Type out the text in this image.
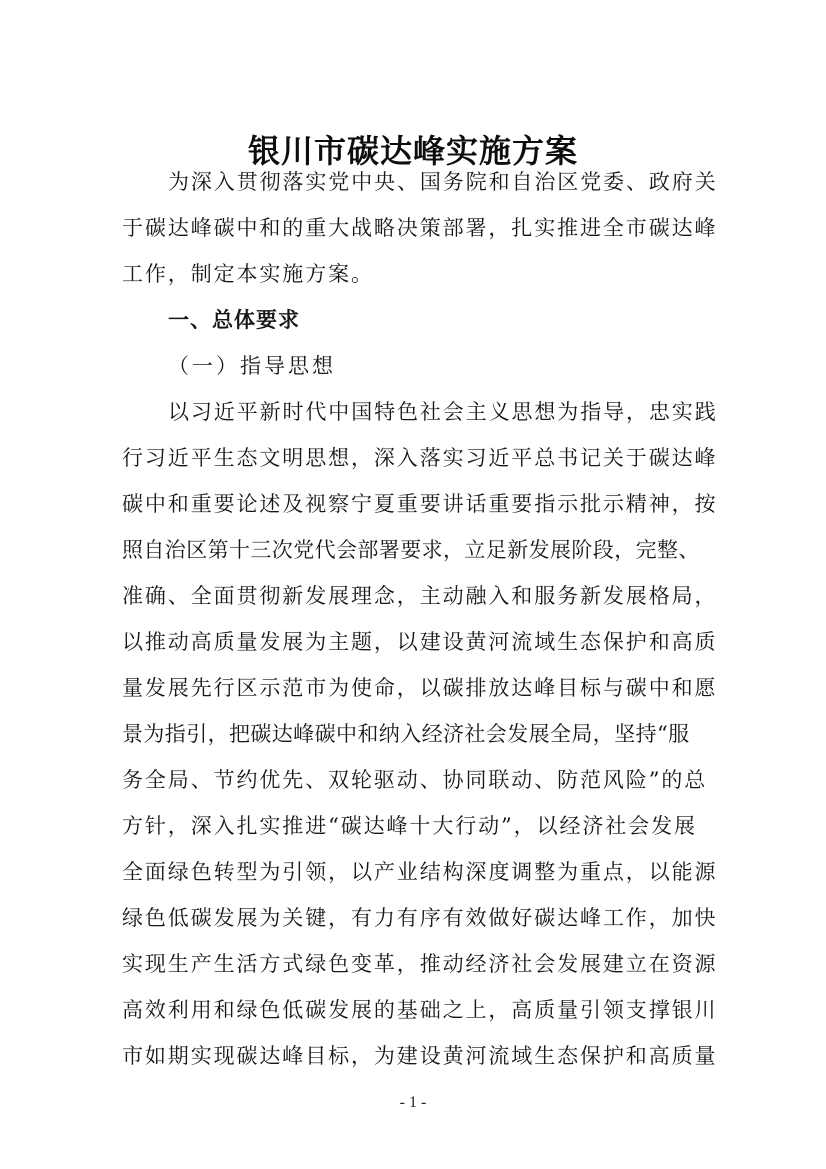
银川市碳达峰实施方案

为深入贯彻落实党中央、国务院和自治区党委、政府关
于碳达峰碳中和的重大战略决策部署，扎实推进全市碳达峰
工作，制定本实施方案。

一、总体要求

（一）指导思想

以习近平新时代中国特色社会主义思想为指导，忠实践
行习近平生态文明思想，深入落实习近平总书记关于碳达峰
碳中和重要论述及视察宁夏重要讲话重要指示批示精神，按
照自治区第十三次党代会部署要求，立足新发展阶段，完整、
准确、全面贯彻新发展理念，主动融入和服务新发展格局，
以推动高质量发展为主题，以建设黄河流域生态保护和高质
量发展先行区示范市为使命，以碳排放达峰目标与碳中和愿
景为指引，把碳达峰碳中和纳入经济社会发展全局，坚持“服
务全局、节约优先、双轮驱动、协同联动、防范风险”的总
方针，深入扎实推进“碳达峰十大行动”，以经济社会发展
全面绿色转型为引领，以产业结构深度调整为重点，以能源
绿色低碳发展为关键，有力有序有效做好碳达峰工作，加快
实现生产生活方式绿色变革，推动经济社会发展建立在资源
高效利用和绿色低碳发展的基础之上，高质量引领支撑银川
市如期实现碳达峰目标，为建设黄河流域生态保护和高质量

- 1 -
